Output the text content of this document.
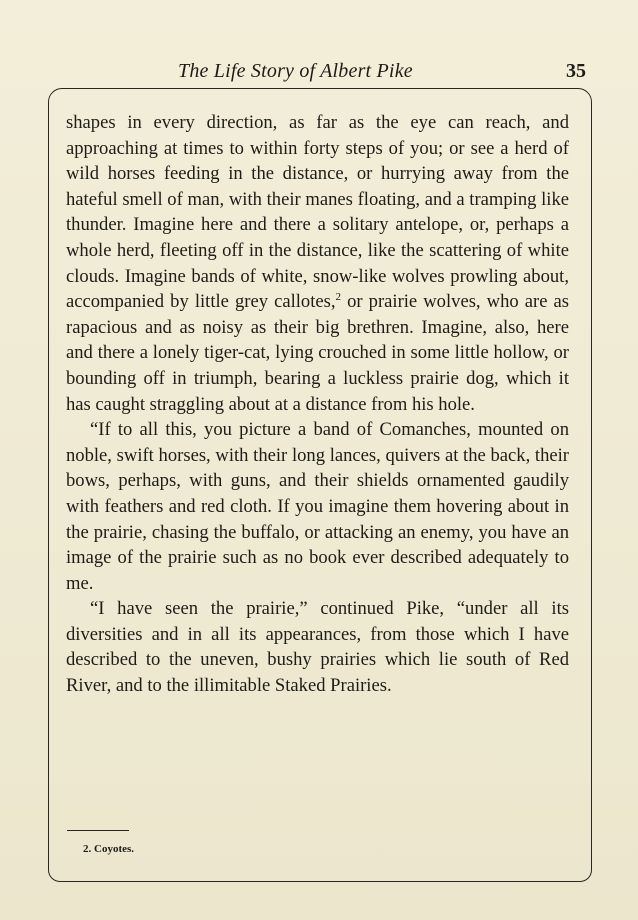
The Life Story of Albert Pike	35

shapes in every direction, as far as the eye can reach, and approaching at times to within forty steps of you; or see a herd of wild horses feeding in the distance, or hurrying away from the hateful smell of man, with their manes floating, and a tramping like thunder. Imagine here and there a solitary antelope, or, perhaps a whole herd, fleeting off in the distance, like the scattering of white clouds. Imagine bands of white, snow-like wolves prowling about, accompanied by little grey callotes,$^2$ or prairie wolves, who are as rapacious and as noisy as their big brethren. Imagine, also, here and there a lonely tiger-cat, lying crouched in some little hollow, or bounding off in triumph, bearing a luckless prairie dog, which it has caught straggling about at a distance from his hole.

“If to all this, you picture a band of Comanches, mounted on noble, swift horses, with their long lances, quivers at the back, their bows, perhaps, with guns, and their shields ornamented gaudily with feathers and red cloth. If you imagine them hovering about in the prairie, chasing the buffalo, or attacking an enemy, you have an image of the prairie such as no book ever described adequately to me.

“I have seen the prairie,” continued Pike, “under all its diversities and in all its appearances, from those which I have described to the uneven, bushy prairies which lie south of Red River, and to the illimitable Staked Prairies.

2. Coyotes.
